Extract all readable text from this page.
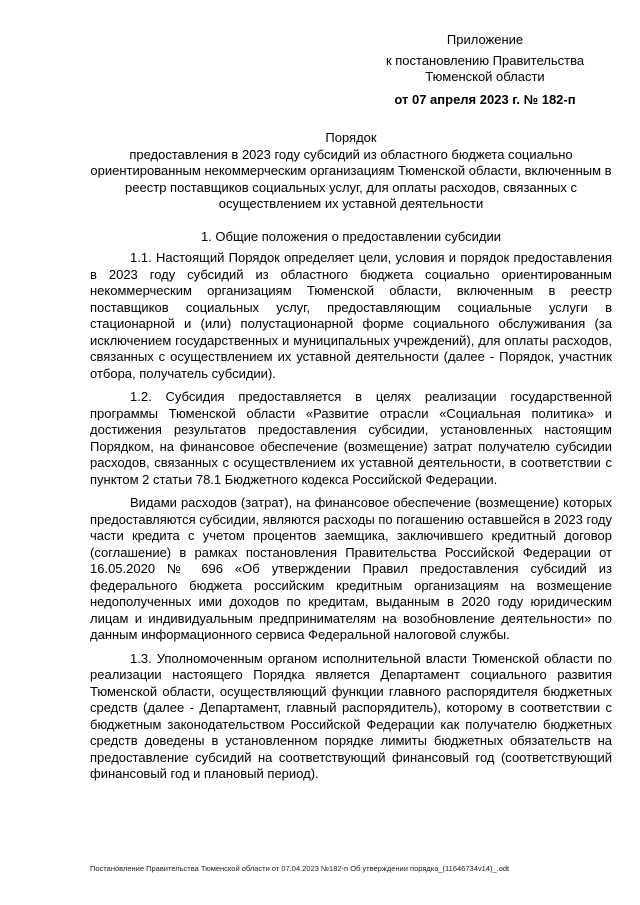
Приложение
к постановлению Правительства
Тюменской области
от 07 апреля 2023 г. № 182-п
Порядок
предоставления в 2023 году субсидий из областного бюджета социально ориентированным некоммерческим организациям Тюменской области, включенным в реестр поставщиков социальных услуг, для оплаты расходов, связанных с осуществлением их уставной деятельности
1. Общие положения о предоставлении субсидии

1.1. Настоящий Порядок определяет цели, условия и порядок предоставления в 2023 году субсидий из областного бюджета социально ориентированным некоммерческим организациям Тюменской области, включенным в реестр поставщиков социальных услуг, предоставляющим социальные услуги в стационарной и (или) полустационарной форме социального обслуживания (за исключением государственных и муниципальных учреждений), для оплаты расходов, связанных с осуществлением их уставной деятельности (далее - Порядок, участник отбора, получатель субсидии).

1.2. Субсидия предоставляется в целях реализации государственной программы Тюменской области «Развитие отрасли «Социальная политика» и достижения результатов предоставления субсидии, установленных настоящим Порядком, на финансовое обеспечение (возмещение) затрат получателю субсидии расходов, связанных с осуществлением их уставной деятельности, в соответствии с пунктом 2 статьи 78.1 Бюджетного кодекса Российской Федерации.

Видами расходов (затрат), на финансовое обеспечение (возмещение) которых предоставляются субсидии, являются расходы по погашению оставшейся в 2023 году части кредита с учетом процентов заемщика, заключившего кредитный договор (соглашение) в рамках постановления Правительства Российской Федерации от 16.05.2020 № 696 «Об утверждении Правил предоставления субсидий из федерального бюджета российским кредитным организациям на возмещение недополученных ими доходов по кредитам, выданным в 2020 году юридическим лицам и индивидуальным предпринимателям на возобновление деятельности» по данным информационного сервиса Федеральной налоговой службы.

1.3. Уполномоченным органом исполнительной власти Тюменской области по реализации настоящего Порядка является Департамент социального развития Тюменской области, осуществляющий функции главного распорядителя бюджетных средств (далее - Департамент, главный распорядитель), которому в соответствии с бюджетным законодательством Российской Федерации как получателю бюджетных средств доведены в установленном порядке лимиты бюджетных обязательств на предоставление субсидий на соответствующий финансовый год (соответствующий финансовый год и плановый период).

Постановление Правительства Тюменской области от 07.04.2023 №182-п Об утверждении порядка_(11646734v14)_.odt
